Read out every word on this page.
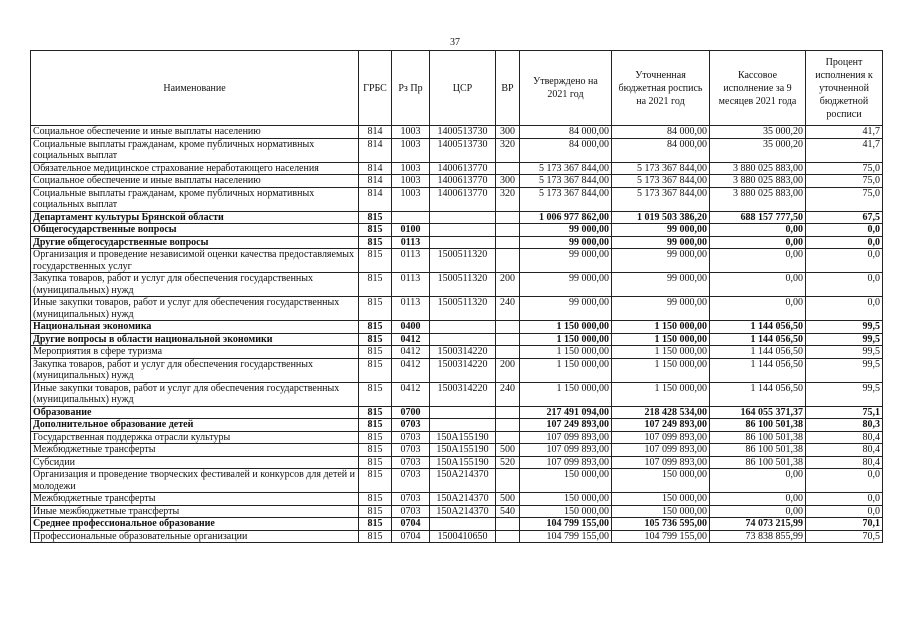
37
Наименование	ГРБС	Рз Пр	ЦСР	ВР	Утверждено на 2021 год	Уточненная бюджетная роспись на 2021 год	Кассовое исполнение за 9 месяцев 2021 года	Процент исполнения к уточненной бюджетной росписи
Социальное обеспечение и иные выплаты населению	814	1003	1400513730	300	84 000,00	84 000,00	35 000,20	41,7
Социальные выплаты гражданам, кроме публичных нормативных социальных выплат	814	1003	1400513730	320	84 000,00	84 000,00	35 000,20	41,7
Обязательное медицинское страхование неработающего населения	814	1003	1400613770		5 173 367 844,00	5 173 367 844,00	3 880 025 883,00	75,0
Социальное обеспечение и иные выплаты населению	814	1003	1400613770	300	5 173 367 844,00	5 173 367 844,00	3 880 025 883,00	75,0
Социальные выплаты гражданам, кроме публичных нормативных социальных выплат	814	1003	1400613770	320	5 173 367 844,00	5 173 367 844,00	3 880 025 883,00	75,0
Департамент культуры Брянской области	815				1 006 977 862,00	1 019 503 386,20	688 157 777,50	67,5
Общегосударственные вопросы	815	0100			99 000,00	99 000,00	0,00	0,0
Другие общегосударственные вопросы	815	0113			99 000,00	99 000,00	0,00	0,0
Организация и проведение независимой оценки качества предоставляемых государственных услуг	815	0113	1500511320		99 000,00	99 000,00	0,00	0,0
Закупка товаров, работ и услуг для обеспечения государственных (муниципальных) нужд	815	0113	1500511320	200	99 000,00	99 000,00	0,00	0,0
Иные закупки товаров, работ и услуг для обеспечения государственных (муниципальных) нужд	815	0113	1500511320	240	99 000,00	99 000,00	0,00	0,0
Национальная экономика	815	0400			1 150 000,00	1 150 000,00	1 144 056,50	99,5
Другие вопросы в области национальной экономики	815	0412			1 150 000,00	1 150 000,00	1 144 056,50	99,5
Мероприятия в сфере туризма	815	0412	1500314220		1 150 000,00	1 150 000,00	1 144 056,50	99,5
Закупка товаров, работ и услуг для обеспечения государственных (муниципальных) нужд	815	0412	1500314220	200	1 150 000,00	1 150 000,00	1 144 056,50	99,5
Иные закупки товаров, работ и услуг для обеспечения государственных (муниципальных) нужд	815	0412	1500314220	240	1 150 000,00	1 150 000,00	1 144 056,50	99,5
Образование	815	0700			217 491 094,00	218 428 534,00	164 055 371,37	75,1
Дополнительное образование детей	815	0703			107 249 893,00	107 249 893,00	86 100 501,38	80,3
Государственная поддержка отрасли культуры	815	0703	150A155190		107 099 893,00	107 099 893,00	86 100 501,38	80,4
Межбюджетные трансферты	815	0703	150A155190	500	107 099 893,00	107 099 893,00	86 100 501,38	80,4
Субсидии	815	0703	150A155190	520	107 099 893,00	107 099 893,00	86 100 501,38	80,4
Организация и проведение творческих фестивалей и конкурсов для детей и молодежи	815	0703	150A214370		150 000,00	150 000,00	0,00	0,0
Межбюджетные трансферты	815	0703	150A214370	500	150 000,00	150 000,00	0,00	0,0
Иные межбюджетные трансферты	815	0703	150A214370	540	150 000,00	150 000,00	0,00	0,0
Среднее профессиональное образование	815	0704			104 799 155,00	105 736 595,00	74 073 215,99	70,1
Профессиональные образовательные организации	815	0704	1500410650		104 799 155,00	104 799 155,00	73 838 855,99	70,5
